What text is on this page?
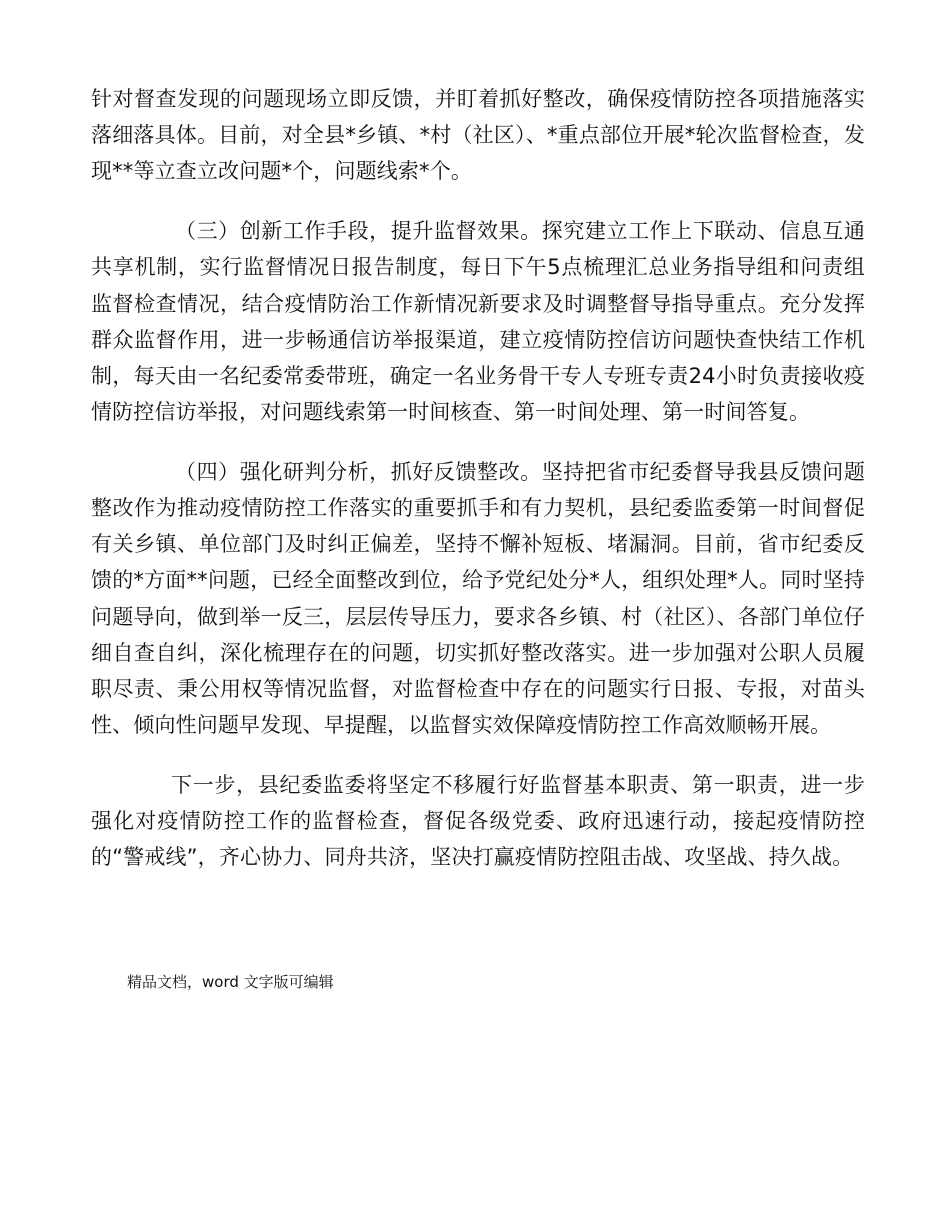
针对督查发现的问题现场立即反馈，并盯着抓好整改，确保疫情防控各项措施落实落细落具体。目前，对全县*乡镇、*村（社区）、*重点部位开展*轮次监督检查，发现**等立查立改问题*个，问题线索*个。

（三）创新工作手段，提升监督效果。探究建立工作上下联动、信息互通共享机制，实行监督情况日报告制度，每日下午5点梳理汇总业务指导组和问责组监督检查情况，结合疫情防治工作新情况新要求及时调整督导指导重点。充分发挥群众监督作用，进一步畅通信访举报渠道，建立疫情防控信访问题快查快结工作机制，每天由一名纪委常委带班，确定一名业务骨干专人专班专责24小时负责接收疫情防控信访举报，对问题线索第一时间核查、第一时间处理、第一时间答复。

（四）强化研判分析，抓好反馈整改。坚持把省市纪委督导我县反馈问题整改作为推动疫情防控工作落实的重要抓手和有力契机，县纪委监委第一时间督促有关乡镇、单位部门及时纠正偏差，坚持不懈补短板、堵漏洞。目前，省市纪委反馈的*方面**问题，已经全面整改到位，给予党纪处分*人，组织处理*人。同时坚持问题导向，做到举一反三，层层传导压力，要求各乡镇、村（社区）、各部门单位仔细自查自纠，深化梳理存在的问题，切实抓好整改落实。进一步加强对公职人员履职尽责、秉公用权等情况监督，对监督检查中存在的问题实行日报、专报，对苗头性、倾向性问题早发现、早提醒，以监督实效保障疫情防控工作高效顺畅开展。

下一步，县纪委监委将坚定不移履行好监督基本职责、第一职责，进一步强化对疫情防控工作的监督检查，督促各级党委、政府迅速行动，接起疫情防控的“警戒线”，齐心协力、同舟共济，坚决打赢疫情防控阻击战、攻坚战、持久战。

精品文档，word 文字版可编辑
